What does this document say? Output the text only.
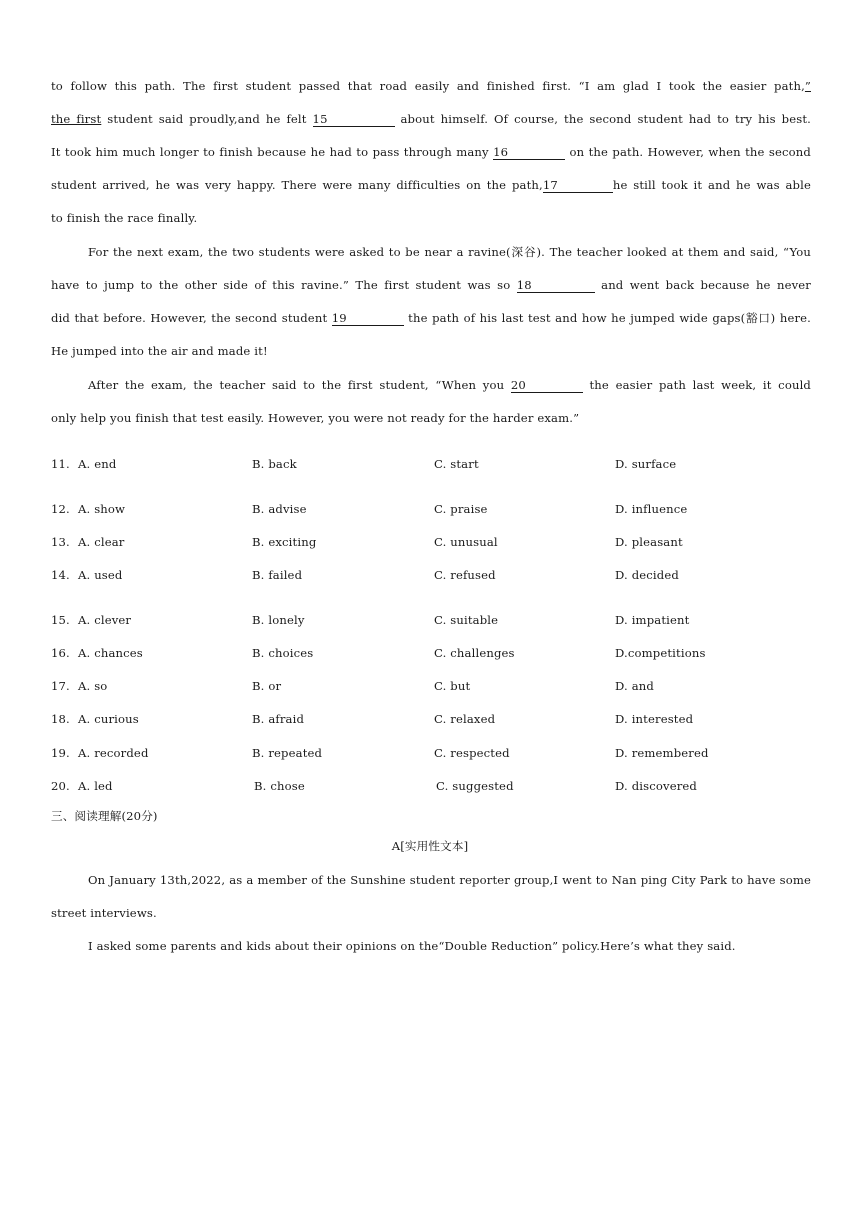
to follow this path. The first student passed that road easily and finished first. “I am glad I took the easier path,”
the first student said proudly,and he felt 15	about himself. Of course, the second student had to try his best.
It took him much longer to finish because he had to pass through many 16	on the path. However, when the second
student arrived, he was very happy. There were many difficulties on the path,17	he still took it and he was able
to finish the race finally.
For the next exam, the two students were asked to be near a ravine(深谷). The teacher looked at them and said, “You
have to jump to the other side of this ravine.” The first student was so 18	and went back because he never
did that before. However, the second student 19	the path of his last test and how he jumped wide gaps(豁口) here.
He jumped into the air and made it!
After the exam, the teacher said to the first student, “When you 20	the easier path last week, it could
only help you finish that test easily. However, you were not ready for the harder exam.”
11. A. end	B. back	C. start	D. surface
12. A. show	B. advise	C. praise	D. influence
13. A. clear	B. exciting	C. unusual	D. pleasant
14. A. used	B. failed	C. refused	D. decided
15. A. clever	B. lonely	C. suitable	D. impatient
16. A. chances	B. choices	C. challenges	D.competitions
17. A. so	B. or	C. but	D. and
18. A. curious	B. afraid	C. relaxed	D. interested
19. A. recorded	B. repeated	C. respected	D. remembered
20. A. led	B. chose	C. suggested	D. discovered
三、阅读理解(20分)
A[实用性文本]
On January 13th,2022, as a member of the Sunshine student reporter group,I went to Nan ping City Park to have some
street interviews.
I asked some parents and kids about their opinions on the“Double Reduction” policy.Here’s what they said.
